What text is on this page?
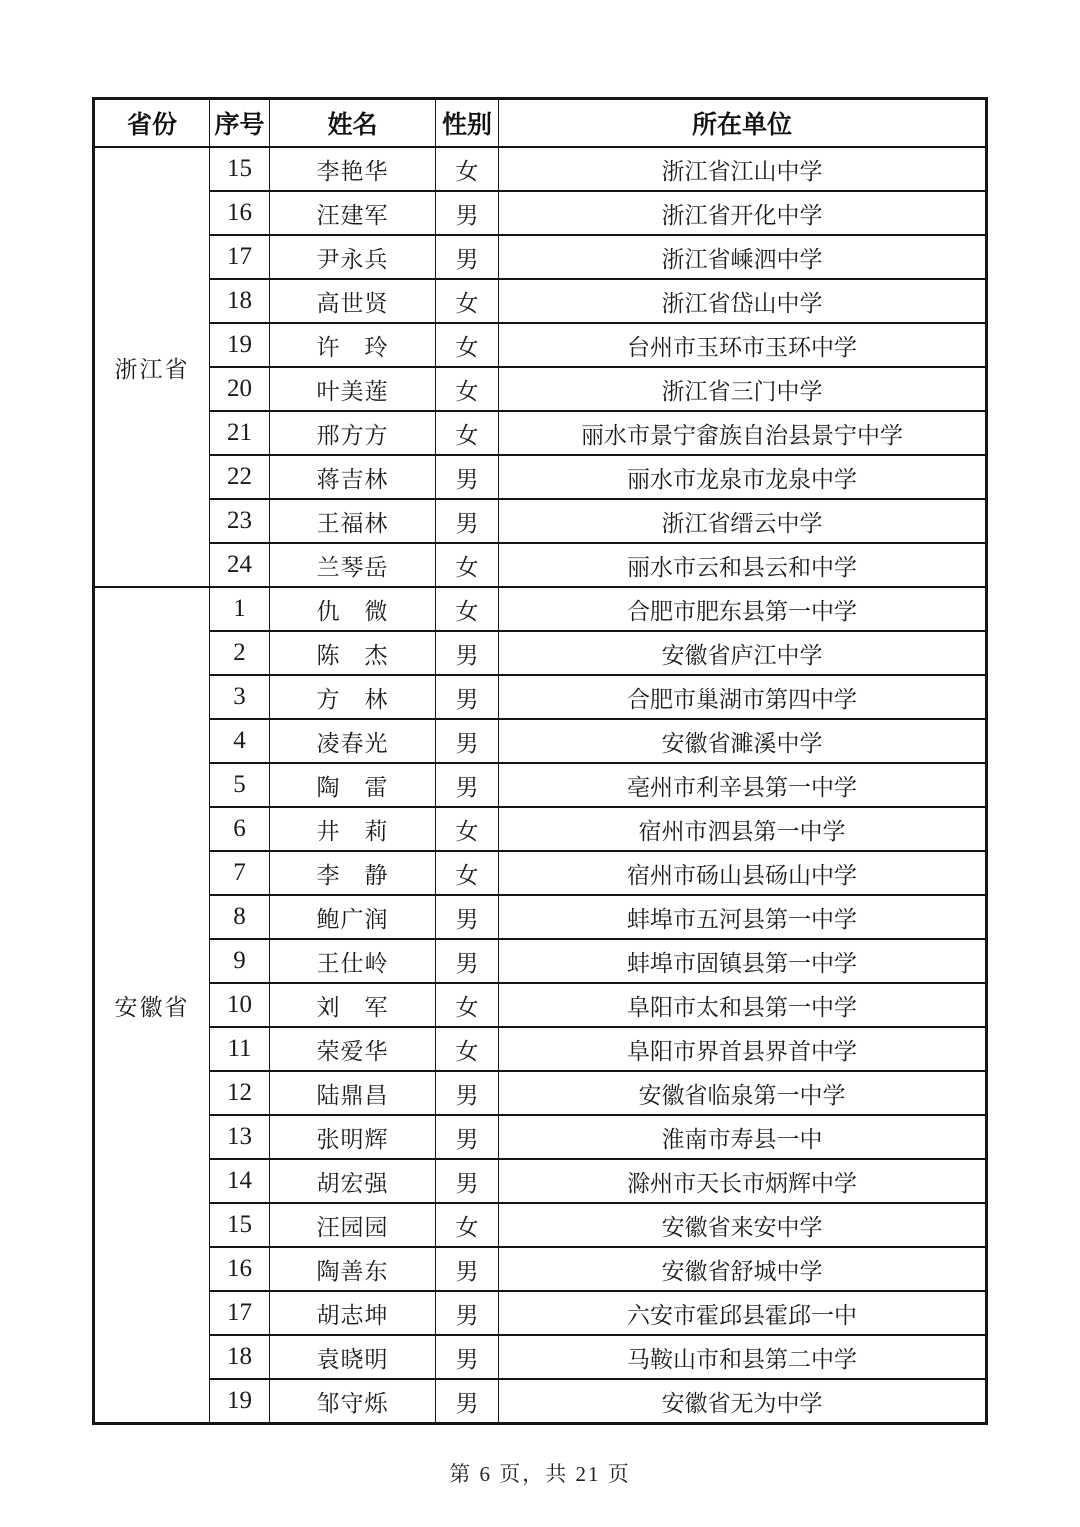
省份	序号	姓名	性别	所在单位
浙江省	15	李艳华	女	浙江省江山中学
	16	汪建军	男	浙江省开化中学
	17	尹永兵	男	浙江省嵊泗中学
	18	高世贤	女	浙江省岱山中学
	19	许　玲	女	台州市玉环市玉环中学
	20	叶美莲	女	浙江省三门中学
	21	邢方方	女	丽水市景宁畲族自治县景宁中学
	22	蒋吉林	男	丽水市龙泉市龙泉中学
	23	王福林	男	浙江省缙云中学
	24	兰琴岳	女	丽水市云和县云和中学
安徽省	1	仇　微	女	合肥市肥东县第一中学
	2	陈　杰	男	安徽省庐江中学
	3	方　林	男	合肥市巢湖市第四中学
	4	凌春光	男	安徽省濉溪中学
	5	陶　雷	男	亳州市利辛县第一中学
	6	井　莉	女	宿州市泗县第一中学
	7	李　静	女	宿州市砀山县砀山中学
	8	鲍广润	男	蚌埠市五河县第一中学
	9	王仕岭	男	蚌埠市固镇县第一中学
	10	刘　军	女	阜阳市太和县第一中学
	11	荣爱华	女	阜阳市界首县界首中学
	12	陆鼎昌	男	安徽省临泉第一中学
	13	张明辉	男	淮南市寿县一中
	14	胡宏强	男	滁州市天长市炳辉中学
	15	汪园园	女	安徽省来安中学
	16	陶善东	男	安徽省舒城中学
	17	胡志坤	男	六安市霍邱县霍邱一中
	18	袁晓明	男	马鞍山市和县第二中学
	19	邹守烁	男	安徽省无为中学
第 6 页，共 21 页
